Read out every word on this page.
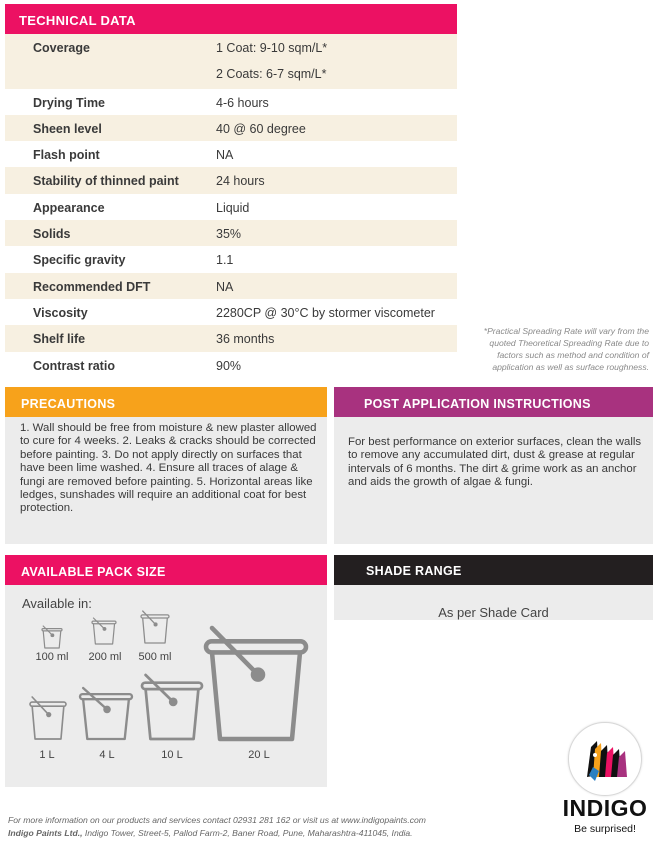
TECHNICAL DATA
Coverage	1 Coat: 9-10 sqm/L*
2 Coats: 6-7 sqm/L*
Drying Time	4-6 hours
Sheen level	40 @ 60 degree
Flash point	NA
Stability of thinned paint	24 hours
Appearance	Liquid
Solids	35%
Specific gravity	1.1
Recommended DFT	NA
Viscosity	2280CP @ 30°C by stormer viscometer
Shelf life	36 months
Contrast ratio	90%
*Practical Spreading Rate will vary from the quoted Theoretical Spreading Rate due to factors such as method and condition of application as well as surface roughness.
PRECAUTIONS
1. Wall should be free from moisture & new plaster allowed to cure for 4 weeks. 2. Leaks & cracks should be corrected before painting. 3. Do not apply directly on surfaces that have been lime washed. 4. Ensure all traces of alage & fungi are removed before painting. 5. Horizontal areas like ledges, sunshades will require an additional coat for best protection.
POST APPLICATION INSTRUCTIONS
For best performance on exterior surfaces, clean the walls to remove any accumulated dirt, dust & grease at regular intervals of 6 months. The dirt & grime work as an anchor and aids the growth of algae & fungi.
AVAILABLE PACK SIZE
Available in:
100 ml	200 ml	500 ml
1 L	4 L	10 L	20 L
SHADE RANGE
As per Shade Card
INDIGO
Be surprised!
For more information on our products and services contact 02931 281 162 or visit us at www.indigopaints.com
Indigo Paints Ltd., Indigo Tower, Street-5, Pallod Farm-2, Baner Road, Pune, Maharashtra-411045, India.
